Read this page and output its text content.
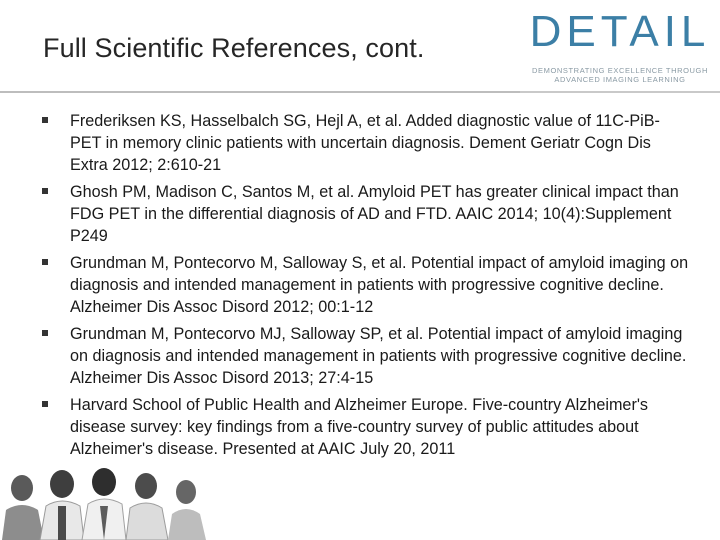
Full Scientific References, cont. DETAIL
DEMONSTRATING EXCELLENCE THROUGH
ADVANCED IMAGING LEARNING
Frederiksen KS, Hasselbalch SG, Hejl A, et al. Added diagnostic value of 11C-PiB-PET in memory clinic patients with uncertain diagnosis. Dement Geriatr Cogn Dis Extra 2012; 2:610-21
Ghosh PM, Madison C, Santos M, et al. Amyloid PET has greater clinical impact than FDG PET in the differential diagnosis of AD and FTD. AAIC 2014; 10(4):Supplement P249
Grundman M, Pontecorvo M, Salloway S, et al. Potential impact of amyloid imaging on diagnosis and intended management in patients with progressive cognitive decline. Alzheimer Dis Assoc Disord 2012; 00:1-12
Grundman M, Pontecorvo MJ, Salloway SP, et al. Potential impact of amyloid imaging on diagnosis and intended management in patients with progressive cognitive decline. Alzheimer Dis Assoc Disord 2013; 27:4-15
Harvard School of Public Health and Alzheimer Europe. Five-country Alzheimer's disease survey: key findings from a five-country survey of public attitudes about Alzheimer's disease. Presented at AAIC July 20, 2011
